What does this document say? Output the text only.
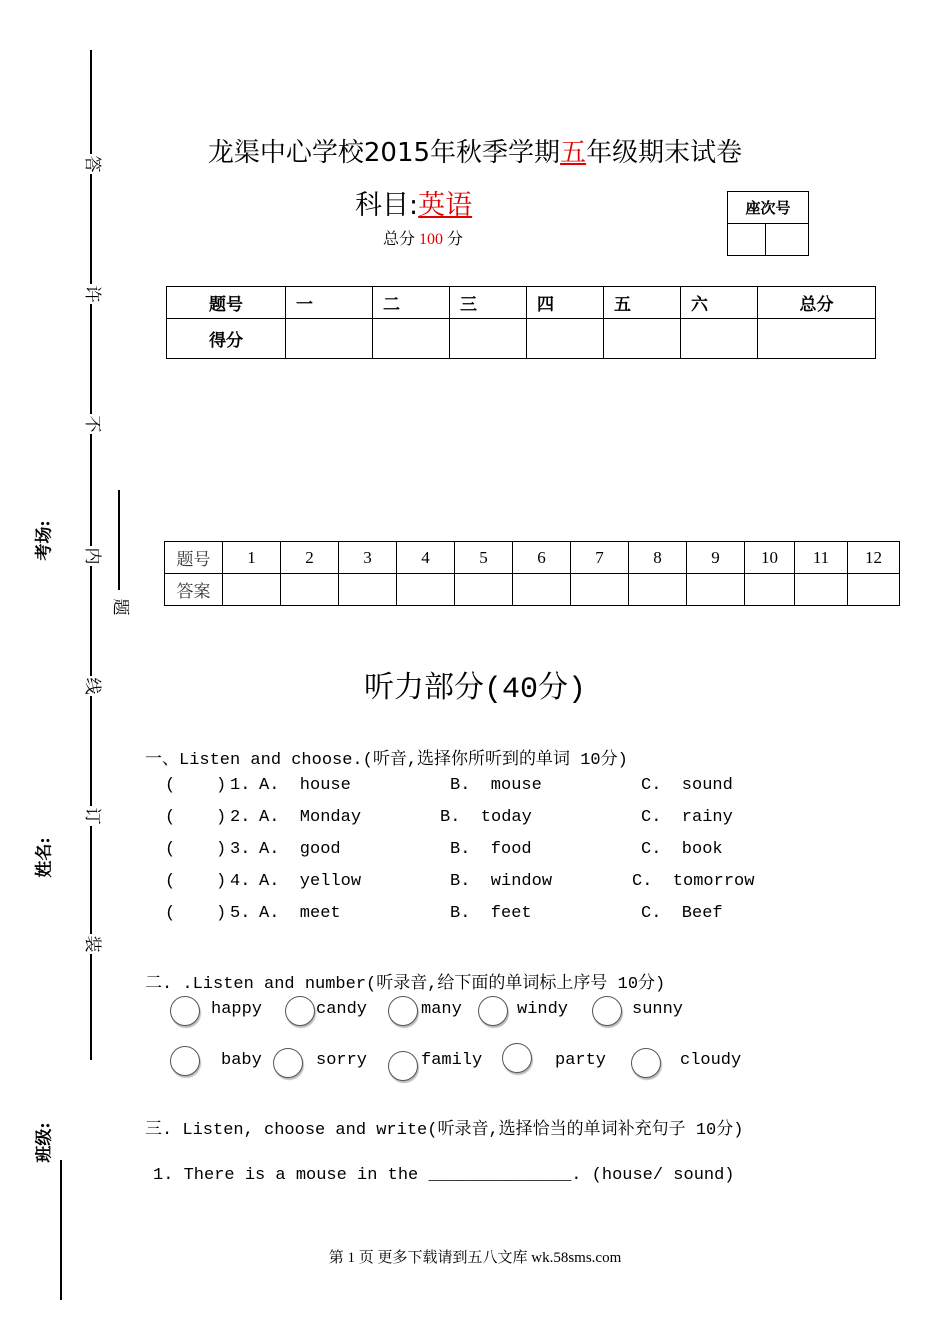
答
许
不
内
线
订
装
题
考场:
姓名:
班级:
龙渠中心学校2015年秋季学期五年级期末试卷
科目:英语
总分 100 分
座次号

题号	一	二	三	四	五	六	总分
得分							
题号	1	2	3	4	5	6	7	8	9	10	11	12
答案												
听力部分(40分)
一、Listen and choose.(听音,选择你所听到的单词 10分)
(    ) 1. A.  house	B.  mouse	C.  sound
(    ) 2. A.  Monday	B.  today	C.  rainy
(    ) 3. A.  good	B.  food	C.  book
(    ) 4. A.  yellow	B.  window	C.  tomorrow
(    ) 5. A.  meet	B.  feet	C.  Beef
二. .Listen and number(听录音,给下面的单词标上序号 10分)
happy	candy	many	windy	sunny
baby	sorry	family	party	cloudy
三. Listen, choose and write(听录音,选择恰当的单词补充句子 10分)
1. There is a mouse in the ______________. (house/ sound)
第 1 页 更多下载请到五八文库 wk.58sms.com
